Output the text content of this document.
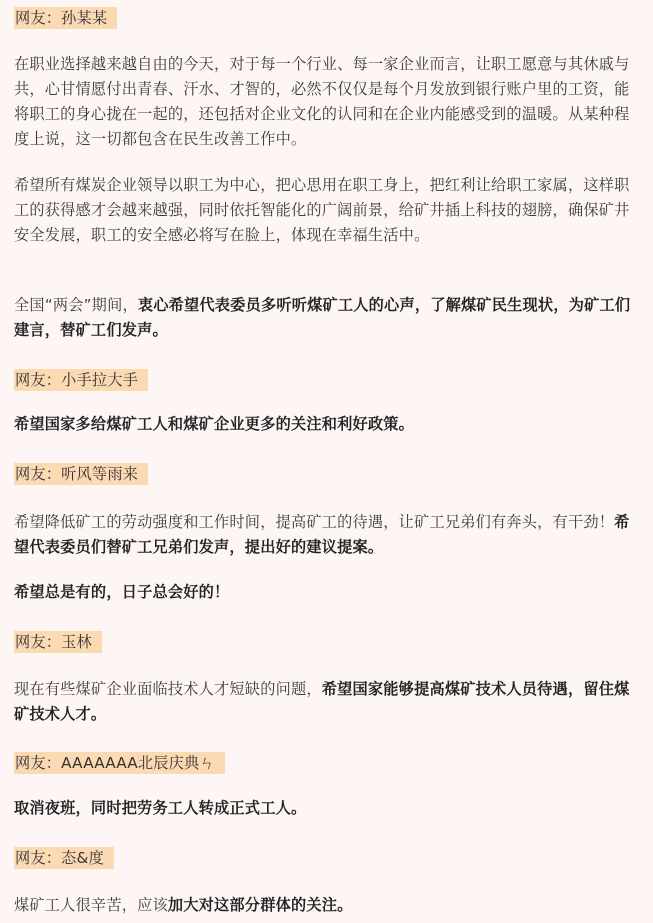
网友：孙某某
在职业选择越来越自由的今天，对于每一个行业、每一家企业而言，让职工愿意与其休戚与共，心甘情愿付出青春、汗水、才智的，必然不仅仅是每个月发放到银行账户里的工资，能将职工的身心拢在一起的，还包括对企业文化的认同和在企业内能感受到的温暖。从某种程度上说，这一切都包含在民生改善工作中。
希望所有煤炭企业领导以职工为中心，把心思用在职工身上，把红利让给职工家属，这样职工的获得感才会越来越强，同时依托智能化的广阔前景，给矿井插上科技的翅膀，确保矿井安全发展，职工的安全感必将写在脸上，体现在幸福生活中。
全国“两会”期间，衷心希望代表委员多听听煤矿工人的心声，了解煤矿民生现状，为矿工们建言，替矿工们发声。
网友：小手拉大手
希望国家多给煤矿工人和煤矿企业更多的关注和利好政策。
网友：听风等雨来
希望降低矿工的劳动强度和工作时间，提高矿工的待遇，让矿工兄弟们有奔头，有干劲！希望代表委员们替矿工兄弟们发声，提出好的建议提案。
希望总是有的，日子总会好的！
网友：玉林
现在有些煤矿企业面临技术人才短缺的问题，希望国家能够提高煤矿技术人员待遇，留住煤矿技术人才。
网友：AAAAAAA北辰庆典ㄣ
取消夜班，同时把劳务工人转成正式工人。
网友：态&度
煤矿工人很辛苦，应该加大对这部分群体的关注。
